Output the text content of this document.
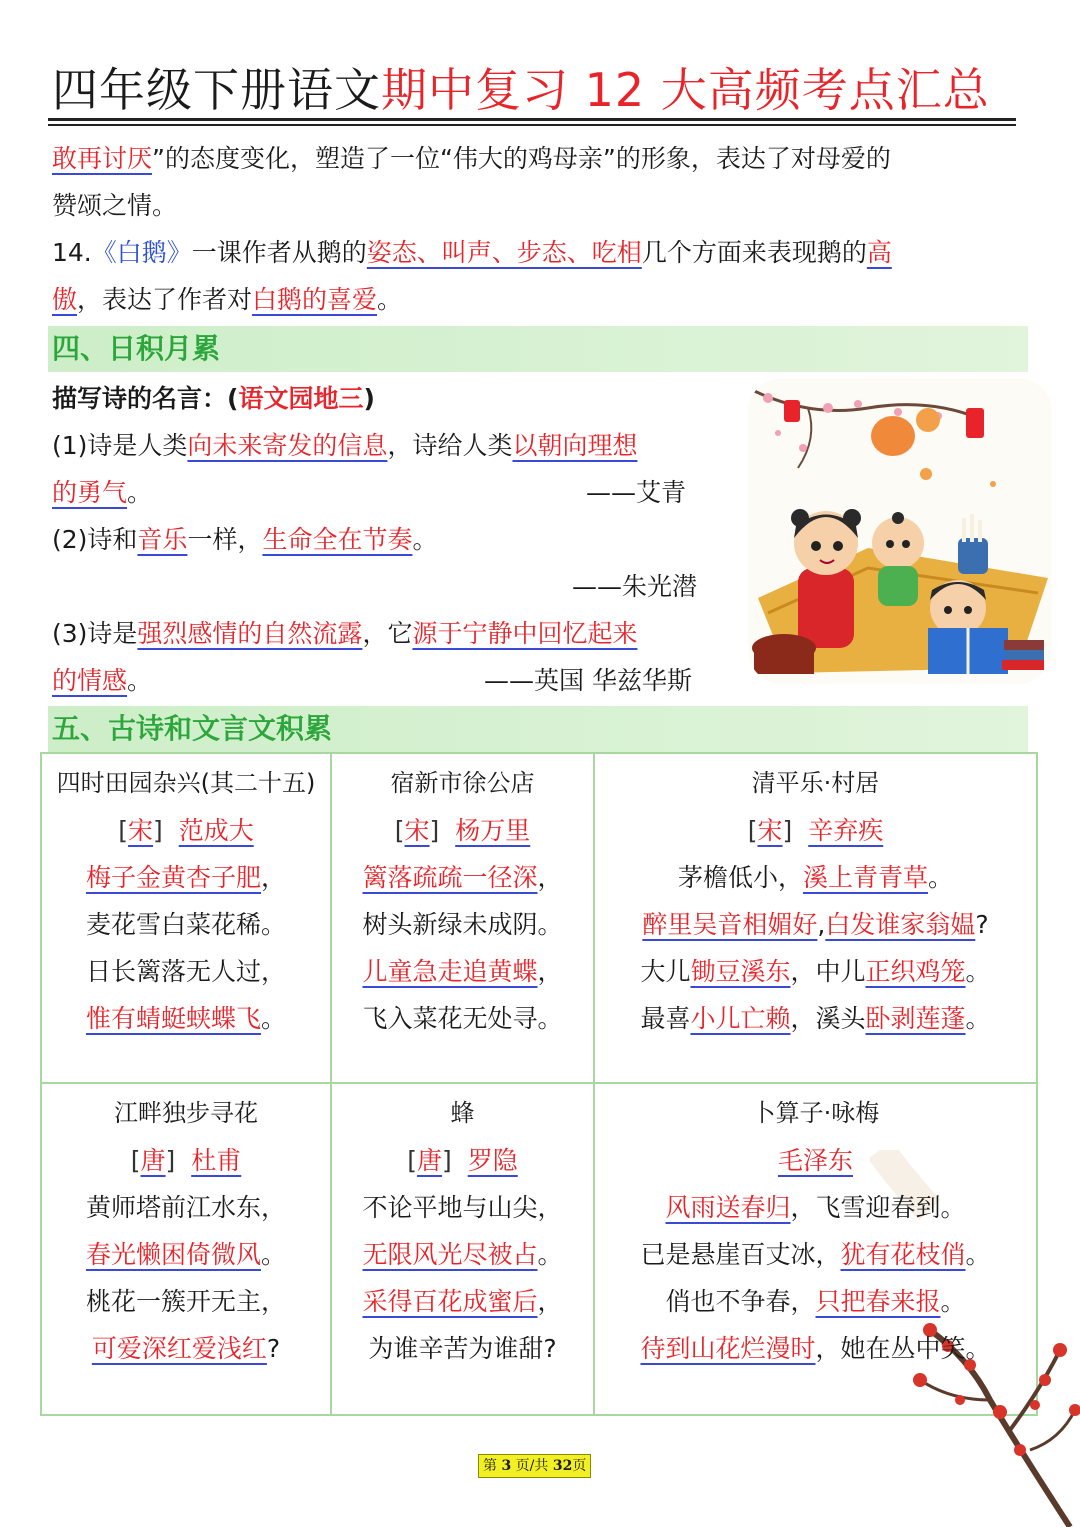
四年级下册语文期中复习 12 大高频考点汇总
敢再讨厌”的态度变化，塑造了一位“伟大的鸡母亲”的形象，表达了对母爱的
赞颂之情。
14.《白鹅》一课作者从鹅的姿态、叫声、步态、吃相几个方面来表现鹅的高
傲，表达了作者对白鹅的喜爱。
四、日积月累
描写诗的名言：(语文园地三)
(1)诗是人类向未来寄发的信息，诗给人类以朝向理想
的勇气。	——艾青
(2)诗和音乐一样，生命全在节奏。
——朱光潜
(3)诗是强烈感情的自然流露，它源于宁静中回忆起来
的情感。	——英国 华兹华斯
五、古诗和文言文积累
四时田园杂兴(其二十五)
[宋] 范成大
梅子金黄杏子肥，
麦花雪白菜花稀。
日长篱落无人过，
惟有蜻蜓蛱蝶飞。
宿新市徐公店
[宋] 杨万里
篱落疏疏一径深，
树头新绿未成阴。
儿童急走追黄蝶，
飞入菜花无处寻。
清平乐·村居
[宋] 辛弃疾
茅檐低小，溪上青青草。
醉里吴音相媚好,白发谁家翁媪?
大儿锄豆溪东，中儿正织鸡笼。
最喜小儿亡赖，溪头卧剥莲蓬。
江畔独步寻花
[唐] 杜甫
黄师塔前江水东，
春光懒困倚微风。
桃花一簇开无主，
可爱深红爱浅红?
蜂
[唐] 罗隐
不论平地与山尖，
无限风光尽被占。
采得百花成蜜后，
为谁辛苦为谁甜?
卜算子·咏梅
毛泽东
风雨送春归，飞雪迎春到。
已是悬崖百丈冰，犹有花枝俏。
俏也不争春，只把春来报。
待到山花烂漫时，她在丛中笑。
第 3 页/共 32页
